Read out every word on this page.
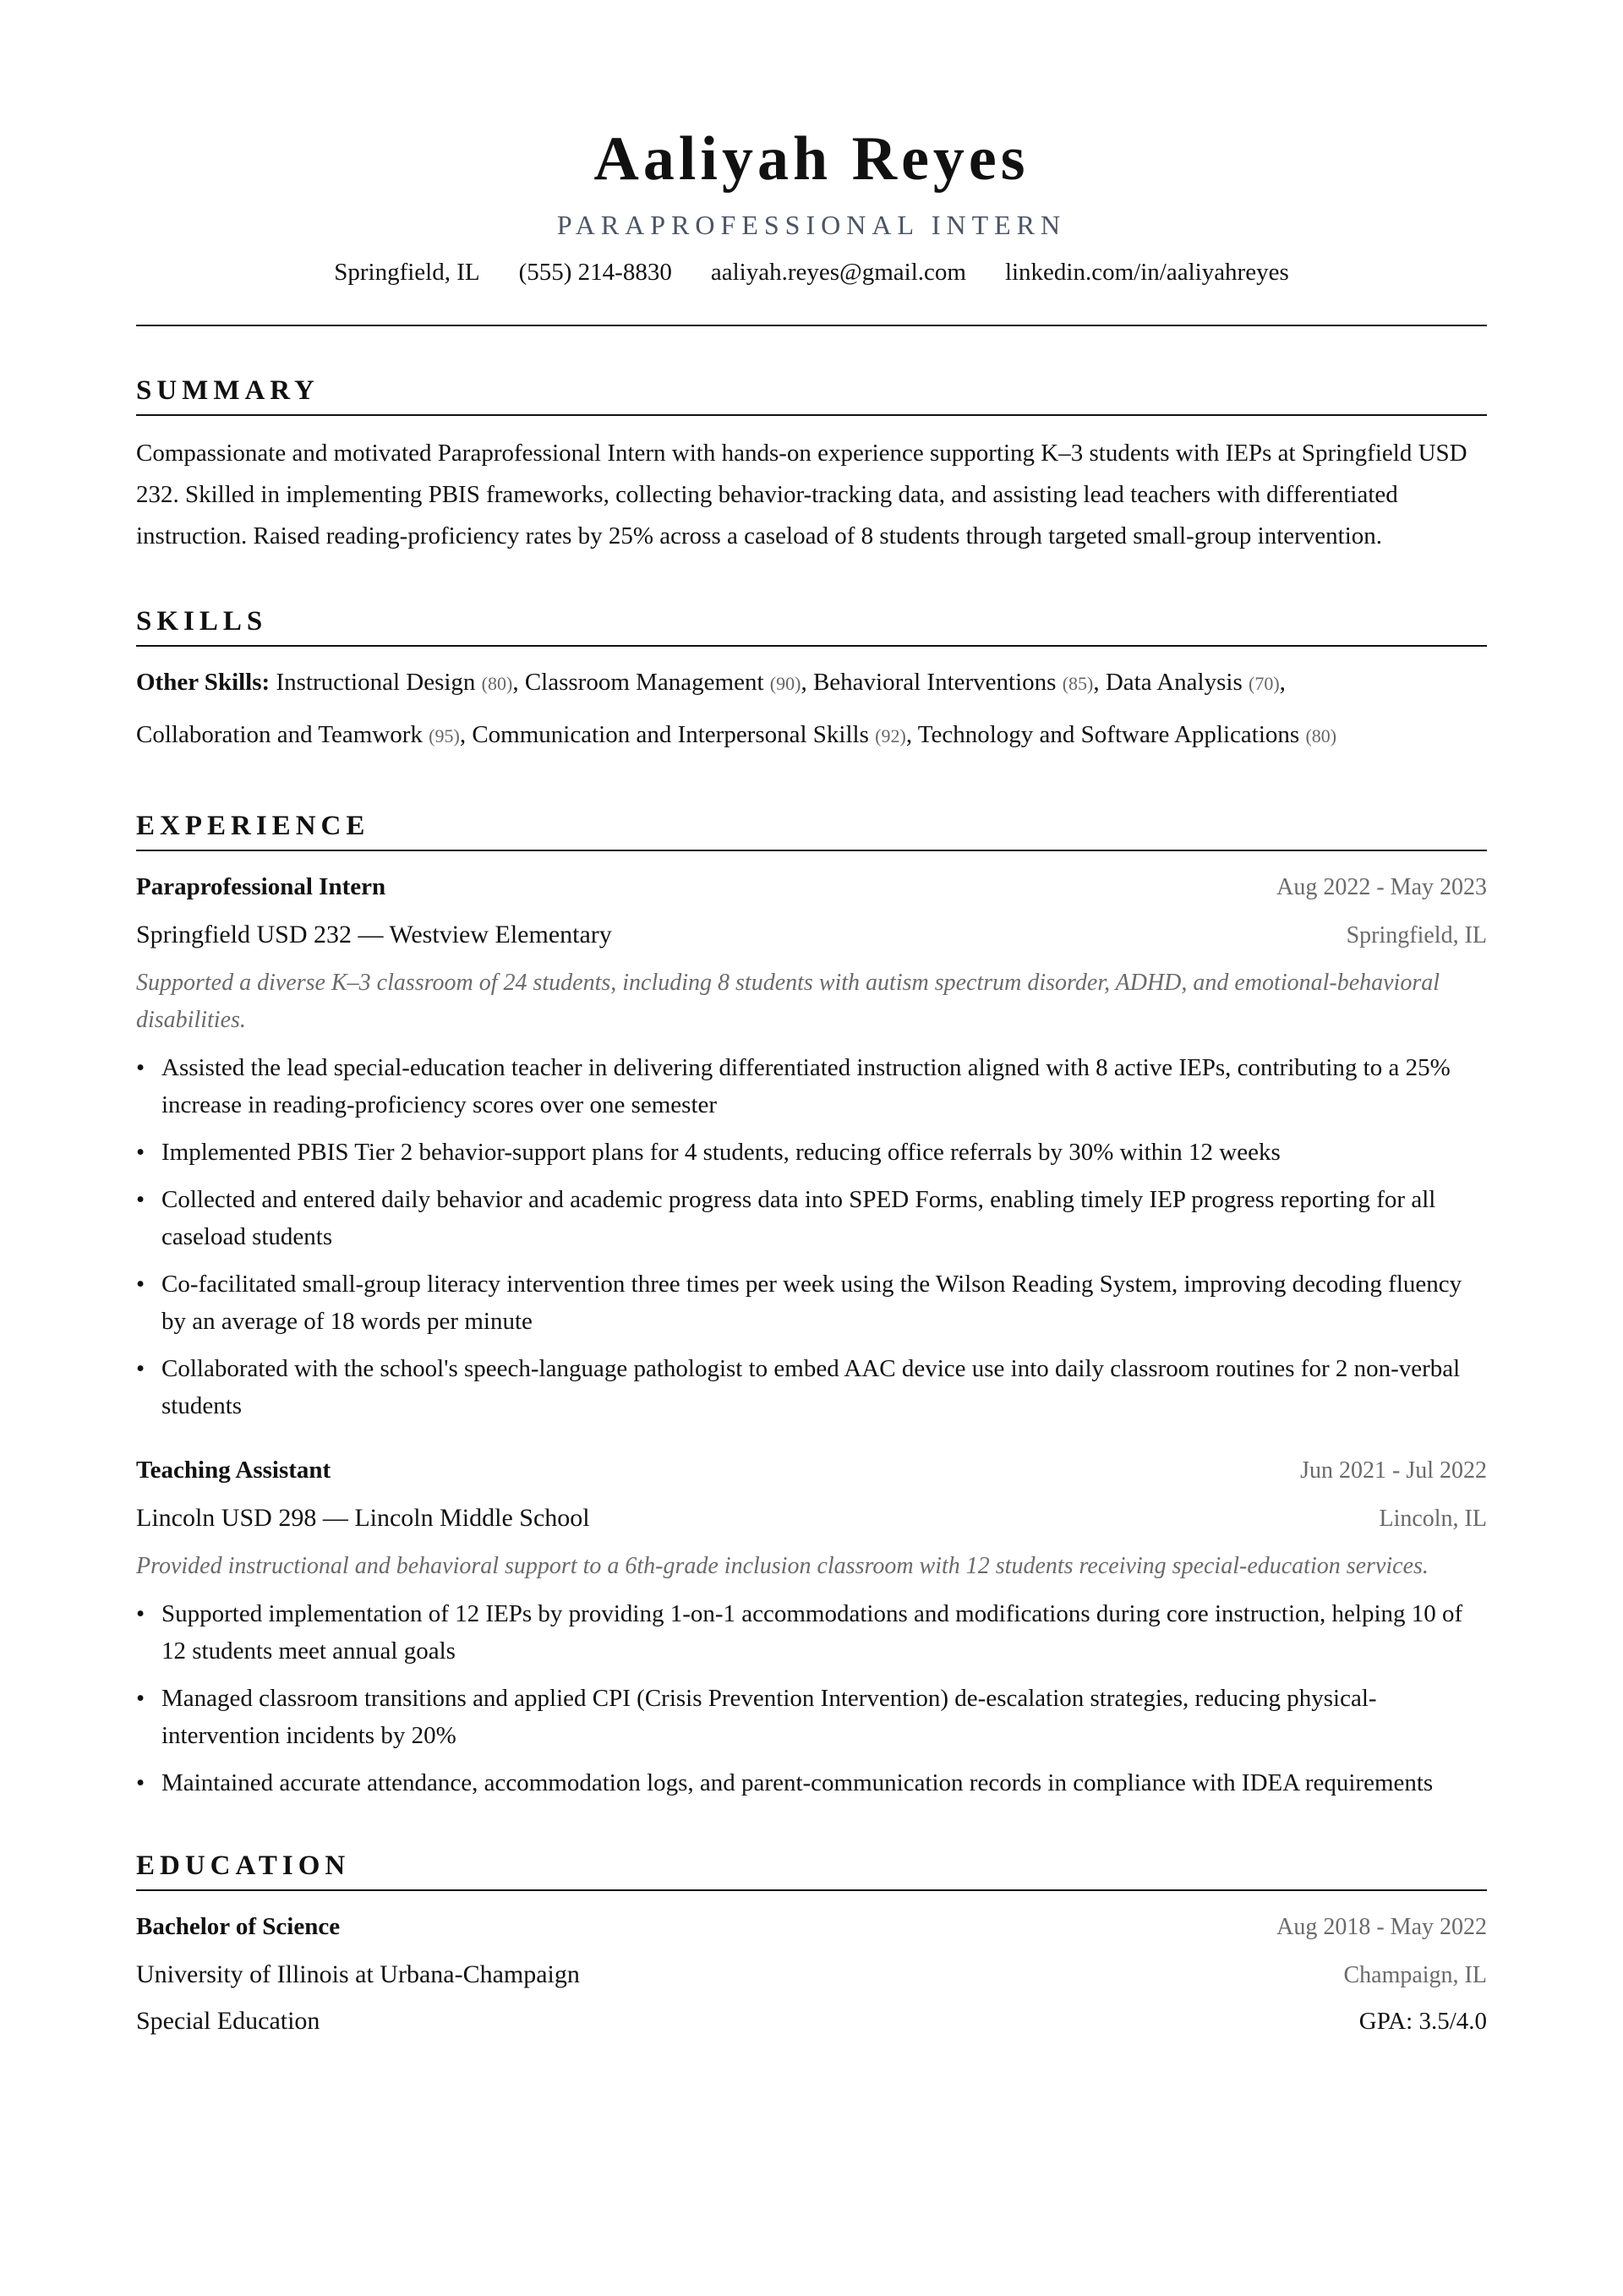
Aaliyah Reyes
PARAPROFESSIONAL INTERN
Springfield, IL (555) 214-8830 aaliyah.reyes@gmail.com linkedin.com/in/aaliyahreyes
SUMMARY
Compassionate and motivated Paraprofessional Intern with hands-on experience supporting K–3 students with IEPs at Springfield USD 232. Skilled in implementing PBIS frameworks, collecting behavior-tracking data, and assisting lead teachers with differentiated instruction. Raised reading-proficiency rates by 25% across a caseload of 8 students through targeted small-group intervention.
SKILLS
Other Skills: Instructional Design (80), Classroom Management (90), Behavioral Interventions (85), Data Analysis (70),
Collaboration and Teamwork (95), Communication and Interpersonal Skills (92), Technology and Software Applications (80)
EXPERIENCE
Paraprofessional Intern	Aug 2022 - May 2023
Springfield USD 232 — Westview Elementary	Springfield, IL
Supported a diverse K–3 classroom of 24 students, including 8 students with autism spectrum disorder, ADHD, and emotional-behavioral disabilities.
• Assisted the lead special-education teacher in delivering differentiated instruction aligned with 8 active IEPs, contributing to a 25% increase in reading-proficiency scores over one semester
• Implemented PBIS Tier 2 behavior-support plans for 4 students, reducing office referrals by 30% within 12 weeks
• Collected and entered daily behavior and academic progress data into SPED Forms, enabling timely IEP progress reporting for all caseload students
• Co-facilitated small-group literacy intervention three times per week using the Wilson Reading System, improving decoding fluency by an average of 18 words per minute
• Collaborated with the school's speech-language pathologist to embed AAC device use into daily classroom routines for 2 non-verbal students
Teaching Assistant	Jun 2021 - Jul 2022
Lincoln USD 298 — Lincoln Middle School	Lincoln, IL
Provided instructional and behavioral support to a 6th-grade inclusion classroom with 12 students receiving special-education services.
• Supported implementation of 12 IEPs by providing 1-on-1 accommodations and modifications during core instruction, helping 10 of 12 students meet annual goals
• Managed classroom transitions and applied CPI (Crisis Prevention Intervention) de-escalation strategies, reducing physical-intervention incidents by 20%
• Maintained accurate attendance, accommodation logs, and parent-communication records in compliance with IDEA requirements
EDUCATION
Bachelor of Science	Aug 2018 - May 2022
University of Illinois at Urbana-Champaign	Champaign, IL
Special Education	GPA: 3.5/4.0
